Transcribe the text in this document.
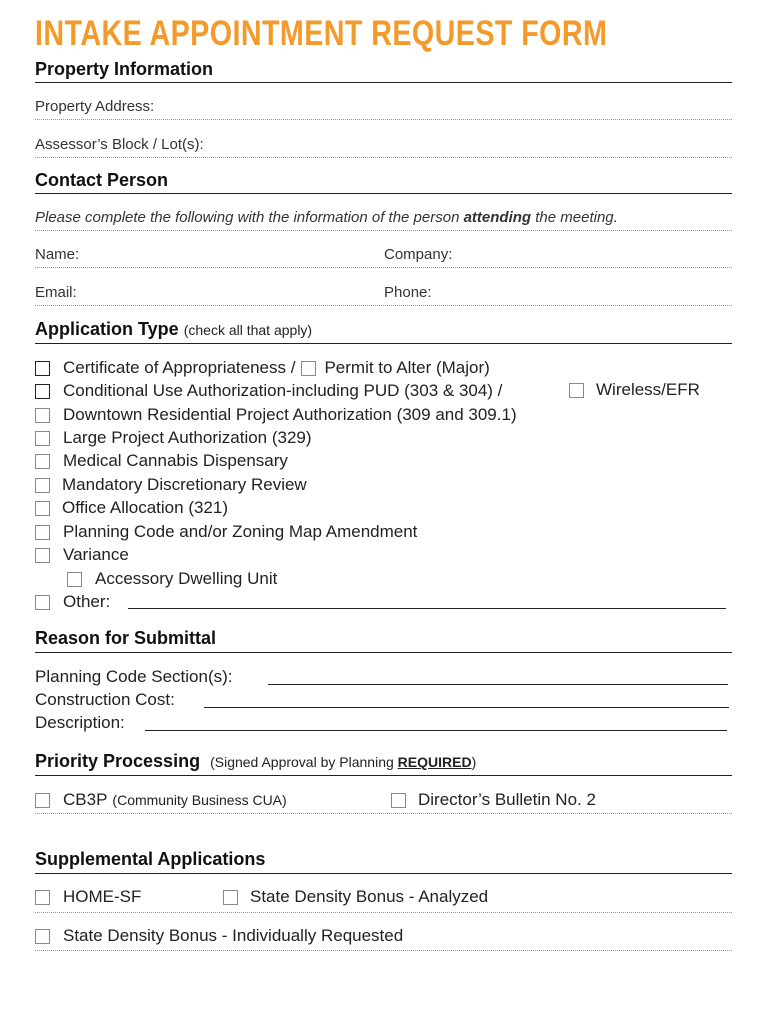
INTAKE APPOINTMENT REQUEST FORM
Property Information
Property Address:
Assessor’s Block / Lot(s):
Contact Person
Please complete the following with the information of the person attending the meeting.
Name:	Company:
Email:	Phone:
Application Type (check all that apply)
Certificate of Appropriateness / Permit to Alter (Major)
Conditional Use Authorization-including PUD (303 & 304) /	Wireless/EFR
Downtown Residential Project Authorization (309 and 309.1)
Large Project Authorization (329)
Medical Cannabis Dispensary
Mandatory Discretionary Review
Office Allocation (321)
Planning Code and/or Zoning Map Amendment
Variance
Accessory Dwelling Unit
Other:
Reason for Submittal
Planning Code Section(s):
Construction Cost:
Description:
Priority Processing (Signed Approval by Planning REQUIRED)
CB3P (Community Business CUA)	Director’s Bulletin No. 2
Supplemental Applications
HOME-SF	State Density Bonus - Analyzed
State Density Bonus - Individually Requested
